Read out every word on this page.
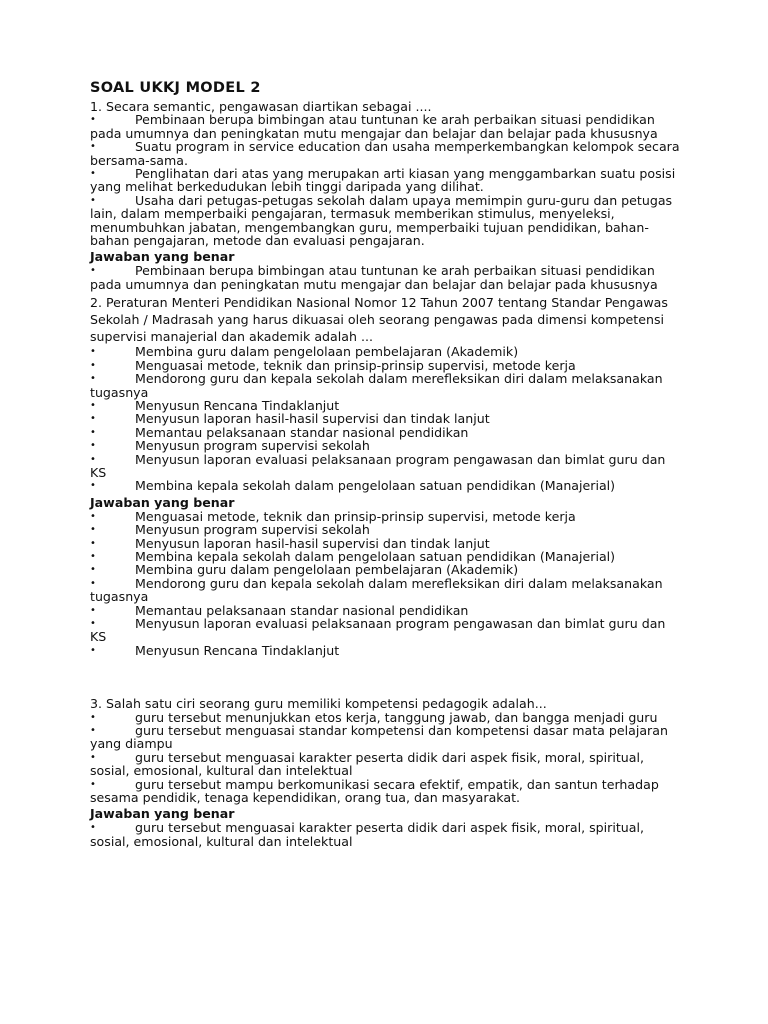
SOAL UKKJ MODEL 2

1. Secara semantic, pengawasan diartikan sebagai ....

• Pembinaan berupa bimbingan atau tuntunan ke arah perbaikan situasi pendidikan pada umumnya dan peningkatan mutu mengajar dan belajar dan belajar pada khususnya
• Suatu program in service education dan usaha memperkembangkan kelompok secara bersama-sama.
• Penglihatan dari atas yang merupakan arti kiasan yang menggambarkan suatu posisi yang melihat berkedudukan lebih tinggi daripada yang dilihat.
• Usaha dari petugas-petugas sekolah dalam upaya memimpin guru-guru dan petugas lain, dalam memperbaiki pengajaran, termasuk memberikan stimulus, menyeleksi, menumbuhkan jabatan, mengembangkan guru, memperbaiki tujuan pendidikan, bahan-bahan pengajaran, metode dan evaluasi pengajaran.
Jawaban yang benar
• Pembinaan berupa bimbingan atau tuntunan ke arah perbaikan situasi pendidikan pada umumnya dan peningkatan mutu mengajar dan belajar dan belajar pada khususnya

2. Peraturan Menteri Pendidikan Nasional Nomor 12 Tahun 2007 tentang Standar Pengawas Sekolah / Madrasah yang harus dikuasai oleh seorang pengawas pada dimensi kompetensi supervisi manajerial dan akademik adalah ...

• Membina guru dalam pengelolaan pembelajaran (Akademik)
• Menguasai metode, teknik dan prinsip-prinsip supervisi, metode kerja
• Mendorong guru dan kepala sekolah dalam merefleksikan diri dalam melaksanakan tugasnya
• Menyusun Rencana Tindaklanjut
• Menyusun laporan hasil-hasil supervisi dan tindak lanjut
• Memantau pelaksanaan standar nasional pendidikan
• Menyusun program supervisi sekolah
• Menyusun laporan evaluasi pelaksanaan program pengawasan dan bimlat guru dan KS
• Membina kepala sekolah dalam pengelolaan satuan pendidikan (Manajerial)
Jawaban yang benar
• Menguasai metode, teknik dan prinsip-prinsip supervisi, metode kerja
• Menyusun program supervisi sekolah
• Menyusun laporan hasil-hasil supervisi dan tindak lanjut
• Membina kepala sekolah dalam pengelolaan satuan pendidikan (Manajerial)
• Membina guru dalam pengelolaan pembelajaran (Akademik)
• Mendorong guru dan kepala sekolah dalam merefleksikan diri dalam melaksanakan tugasnya
• Memantau pelaksanaan standar nasional pendidikan
• Menyusun laporan evaluasi pelaksanaan program pengawasan dan bimlat guru dan KS
• Menyusun Rencana Tindaklanjut

3. Salah satu ciri seorang guru memiliki kompetensi pedagogik adalah...

• guru tersebut menunjukkan etos kerja, tanggung jawab, dan bangga menjadi guru
• guru tersebut menguasai standar kompetensi dan kompetensi dasar mata pelajaran yang diampu
• guru tersebut menguasai karakter peserta didik dari aspek fisik, moral, spiritual, sosial, emosional, kultural dan intelektual
• guru tersebut mampu berkomunikasi secara efektif, empatik, dan santun terhadap sesama pendidik, tenaga kependidikan, orang tua, dan masyarakat.
Jawaban yang benar
• guru tersebut menguasai karakter peserta didik dari aspek fisik, moral, spiritual, sosial, emosional, kultural dan intelektual
